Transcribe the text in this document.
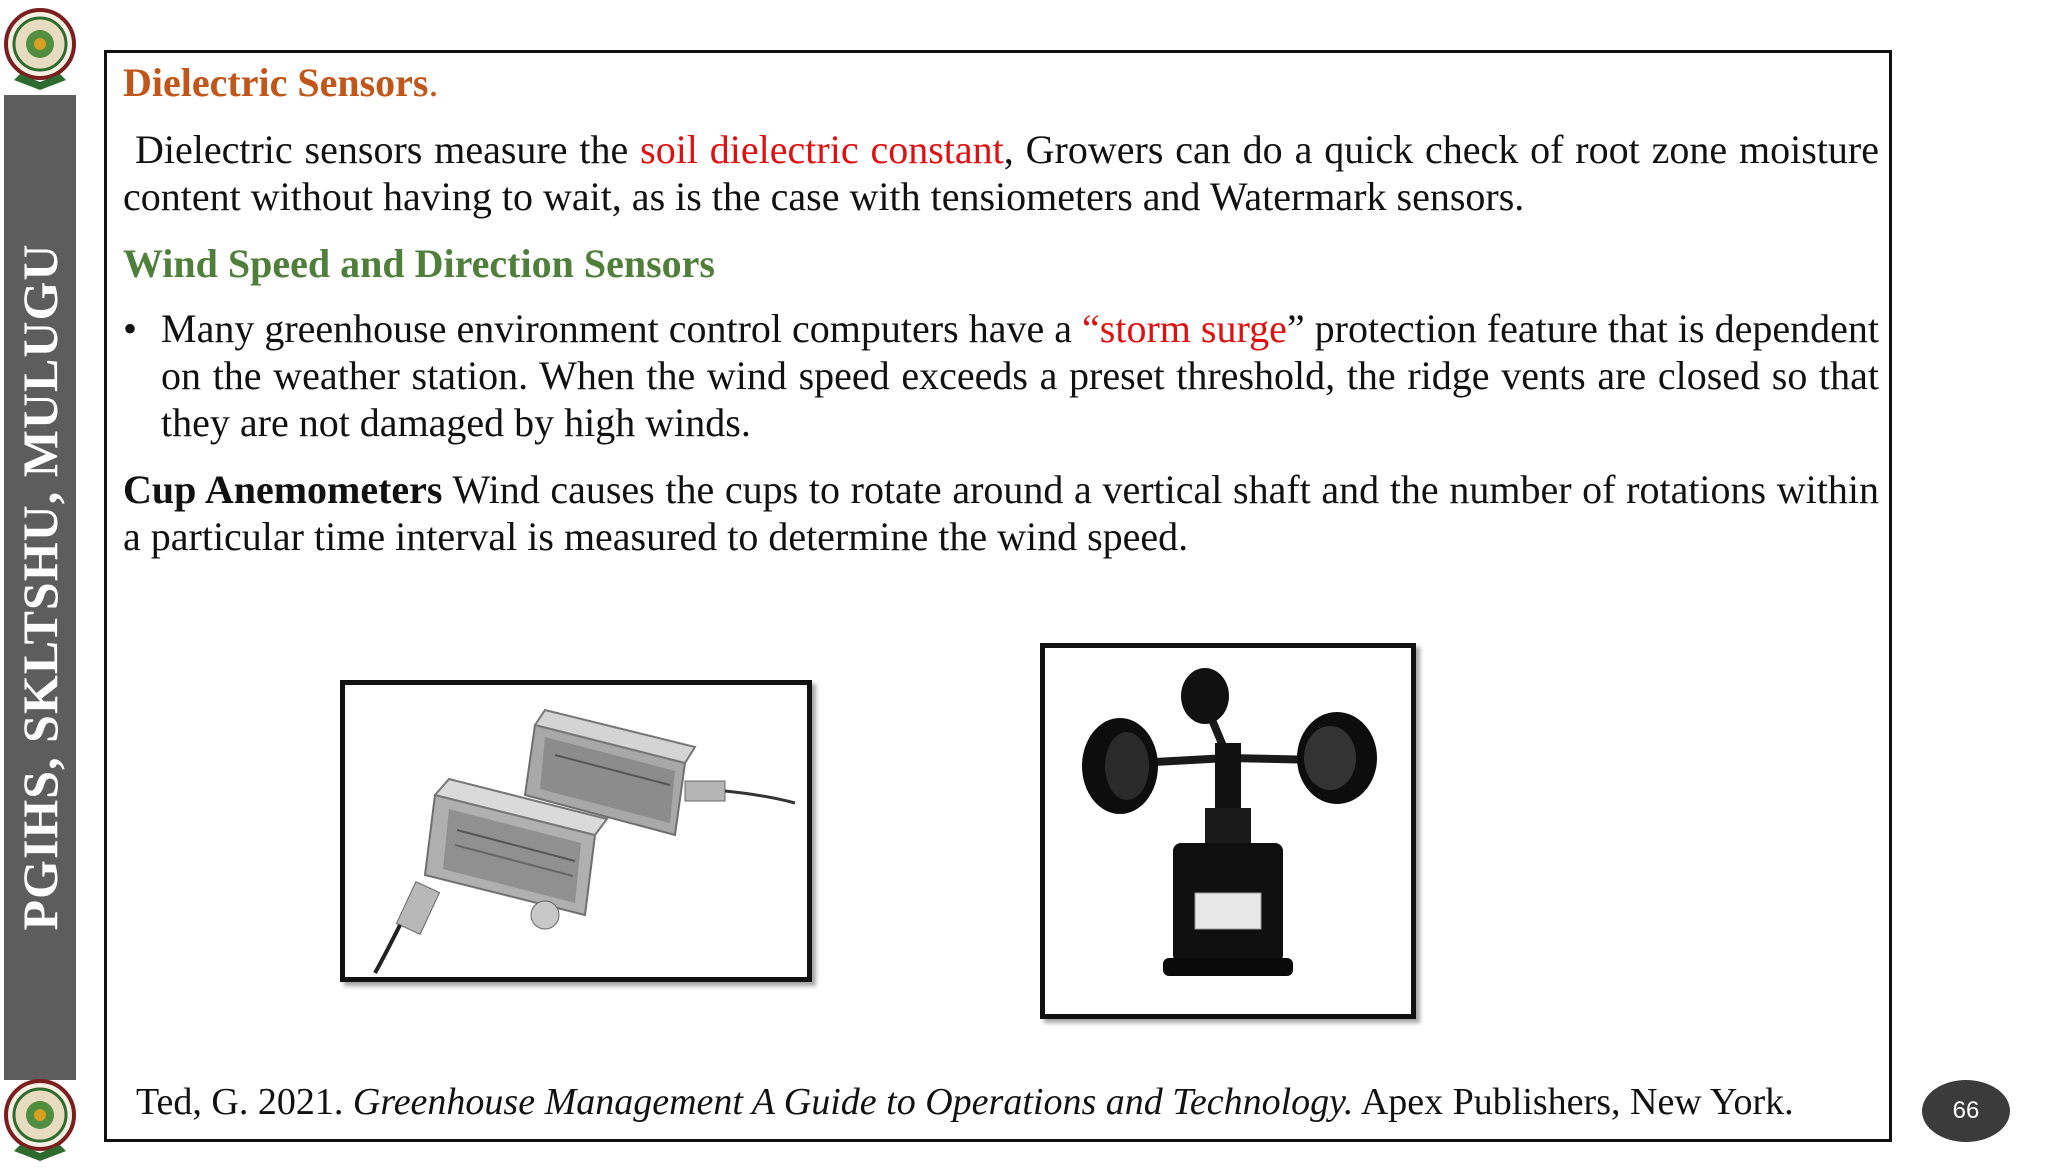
PGIHS, SKLTSHU, MULUGU

Dielectric Sensors.

Dielectric sensors measure the soil dielectric constant, Growers can do a quick check of root zone moisture content without having to wait, as is the case with tensiometers and Watermark sensors.

Wind Speed and Direction Sensors

• Many greenhouse environment control computers have a “storm surge” protection feature that is dependent on the weather station. When the wind speed exceeds a preset threshold, the ridge vents are closed so that they are not damaged by high winds.

Cup Anemometers Wind causes the cups to rotate around a vertical shaft and the number of rotations within a particular time interval is measured to determine the wind speed.

Ted, G. 2021. Greenhouse Management A Guide to Operations and Technology. Apex Publishers, New York.	66
